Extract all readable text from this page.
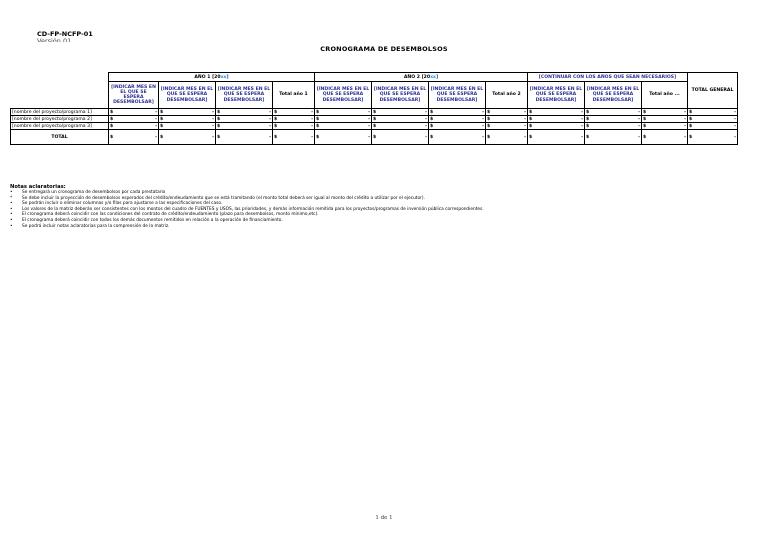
CD-FP-NCFP-01
Versión 01
CRONOGRAMA DE DESEMBOLSOS
	AÑO 1 [20xx]				AÑO 2 [20xx]				[CONTINUAR CON LOS AÑOS QUE SEAN NECESARIOS]			TOTAL GENERAL
	[INDICAR MES EN EL QUE SE ESPERA DESEMBOLSAR]	[INDICAR MES EN EL QUE SE ESPERA DESEMBOLSAR]	[INDICAR MES EN EL QUE SE ESPERA DESEMBOLSAR]	Total año 1	[INDICAR MES EN EL QUE SE ESPERA DESEMBOLSAR]	[INDICAR MES EN EL QUE SE ESPERA DESEMBOLSAR]	[INDICAR MES EN EL QUE SE ESPERA DESEMBOLSAR]	Total año 2	[INDICAR MES EN EL QUE SE ESPERA DESEMBOLSAR]	[INDICAR MES EN EL QUE SE ESPERA DESEMBOLSAR]	Total año ...	
[nombre del proyecto/programa 1]	$ -	$ -	$ -	$ -	$ -	$ -	$ -	$ -	$ -	$ -	$ -	$ -

[nombre del proyecto/programa 2]	$ -	$ -	$ -	$ -	$ -	$ -	$ -	$ -	$ -	$ -	$ -	$ -

[nombre del proyecto/programa 3]	$ -	$ -	$ -	$ -	$ -	$ -	$ -	$ -	$ -	$ -	$ -	$ -

TOTAL	$ -	$ -	$ -	$ -	$ -	$ -	$ -	$ -	$ -	$ -	$ -	$ -
Notas aclaratorias:
•	Se entregará un cronograma de desembolsos por cada prestatario
*	Se debe incluir la proyección de desembolsos esperados del crédito/endeudamiento que se está tramitando (el monto total deberá ser igual al monto del crédito a utilizar por el ejecutor).
•	Se podrán incluir o eliminar columnas y/o filas para ajustarse a las especificaciones del caso.
•	Los valores de la matriz deberán ser consistentes con los montos del cuadro de FUENTES y USOS, las prioridades, y demás información remitida para los proyectos/programas de inversión pública correspondientes.
•	El cronograma deberá coincidir con las condiciones del contrato de crédito/endeudamiento (plazo para desembolsos, monto mínimo,etc).
•	El cronograma deberá coincidir con todos los demás documentos remitidos en relación a la operación de financiamiento.
•	Se podrá incluir notas aclaratorias para la comprensión de la matriz.
1 de 1
